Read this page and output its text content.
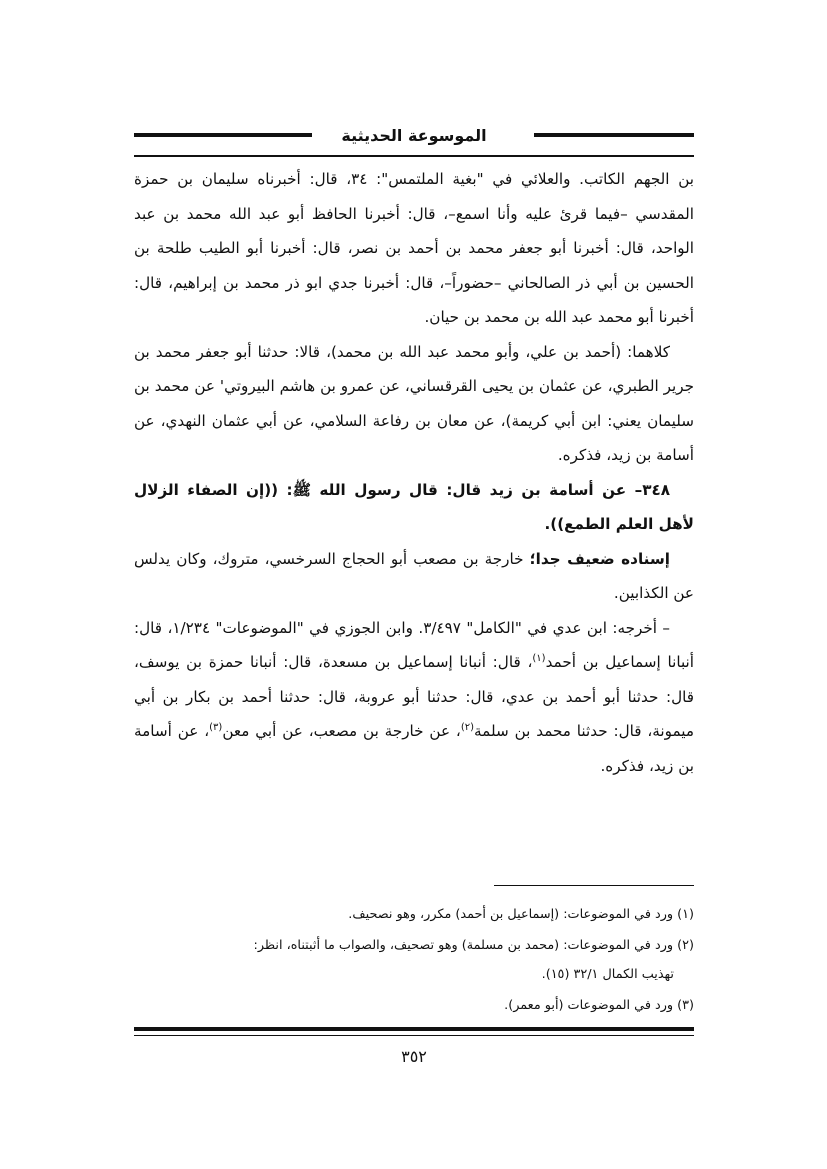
الموسوعة الحديثية

بن الجهم الكاتب. والعلائي في "بغية الملتمس": ٣٤، قال: أخبرناه سليمان بن حمزة المقدسي –فيما قرئ عليه وأنا اسمع–، قال: أخبرنا الحافظ أبو عبد الله محمد بن عبد الواحد، قال: أخبرنا أبو جعفر محمد بن أحمد بن نصر، قال: أخبرنا أبو الطيب طلحة بن الحسين بن أبي ذر الصالحاني –حضوراً–، قال: أخبرنا جدي ابو ذر محمد بن إبراهيم، قال: أخبرنا أبو محمد عبد الله بن محمد بن حيان.

كلاهما: (أحمد بن علي، وأبو محمد عبد الله بن محمد)، قالا: حدثنا أبو جعفر محمد بن جرير الطبري، عن عثمان بن يحيى القرقساني، عن عمرو بن هاشم البيروتي' عن محمد بن سليمان يعني: ابن أبي كريمة)، عن معان بن رفاعة السلامي، عن أبي عثمان النهدي، عن أسامة بن زيد، فذكره.

٣٤٨– عن أسامة بن زيد قال: قال رسول الله ﷺ: ((إن الصفاء الزلال لأهل العلم الطمع)).

إسناده ضعيف جدا؛ خارجة بن مصعب أبو الحجاج السرخسي، متروك، وكان يدلس عن الكذابين.

– أخرجه: ابن عدي في "الكامل" ٣/٤٩٧. وابن الجوزي في "الموضوعات" ١/٢٣٤، قال: أنبانا إسماعيل بن أحمد$^{(١)}$، قال: أنبانا إسماعيل بن مسعدة، قال: أنبانا حمزة بن يوسف، قال: حدثنا أبو أحمد بن عدي، قال: حدثنا أبو عروبة، قال: حدثنا أحمد بن بكار بن أبي ميمونة، قال: حدثنا محمد بن سلمة$^{(٢)}$، عن خارجة بن مصعب، عن أبي معن$^{(٣)}$، عن أسامة بن زيد، فذكره.

(١) ورد في الموضوعات: (إسماعيل بن أحمد) مكرر، وهو نصحيف.

(٢) ورد في الموضوعات: (محمد بن مسلمة) وهو تصحيف، والصواب ما أثبتناه، انظر:
تهذيب الكمال ٣٢/١ (١٥).

(٣) ورد في الموضوعات (أبو معمر).

٣٥٢
